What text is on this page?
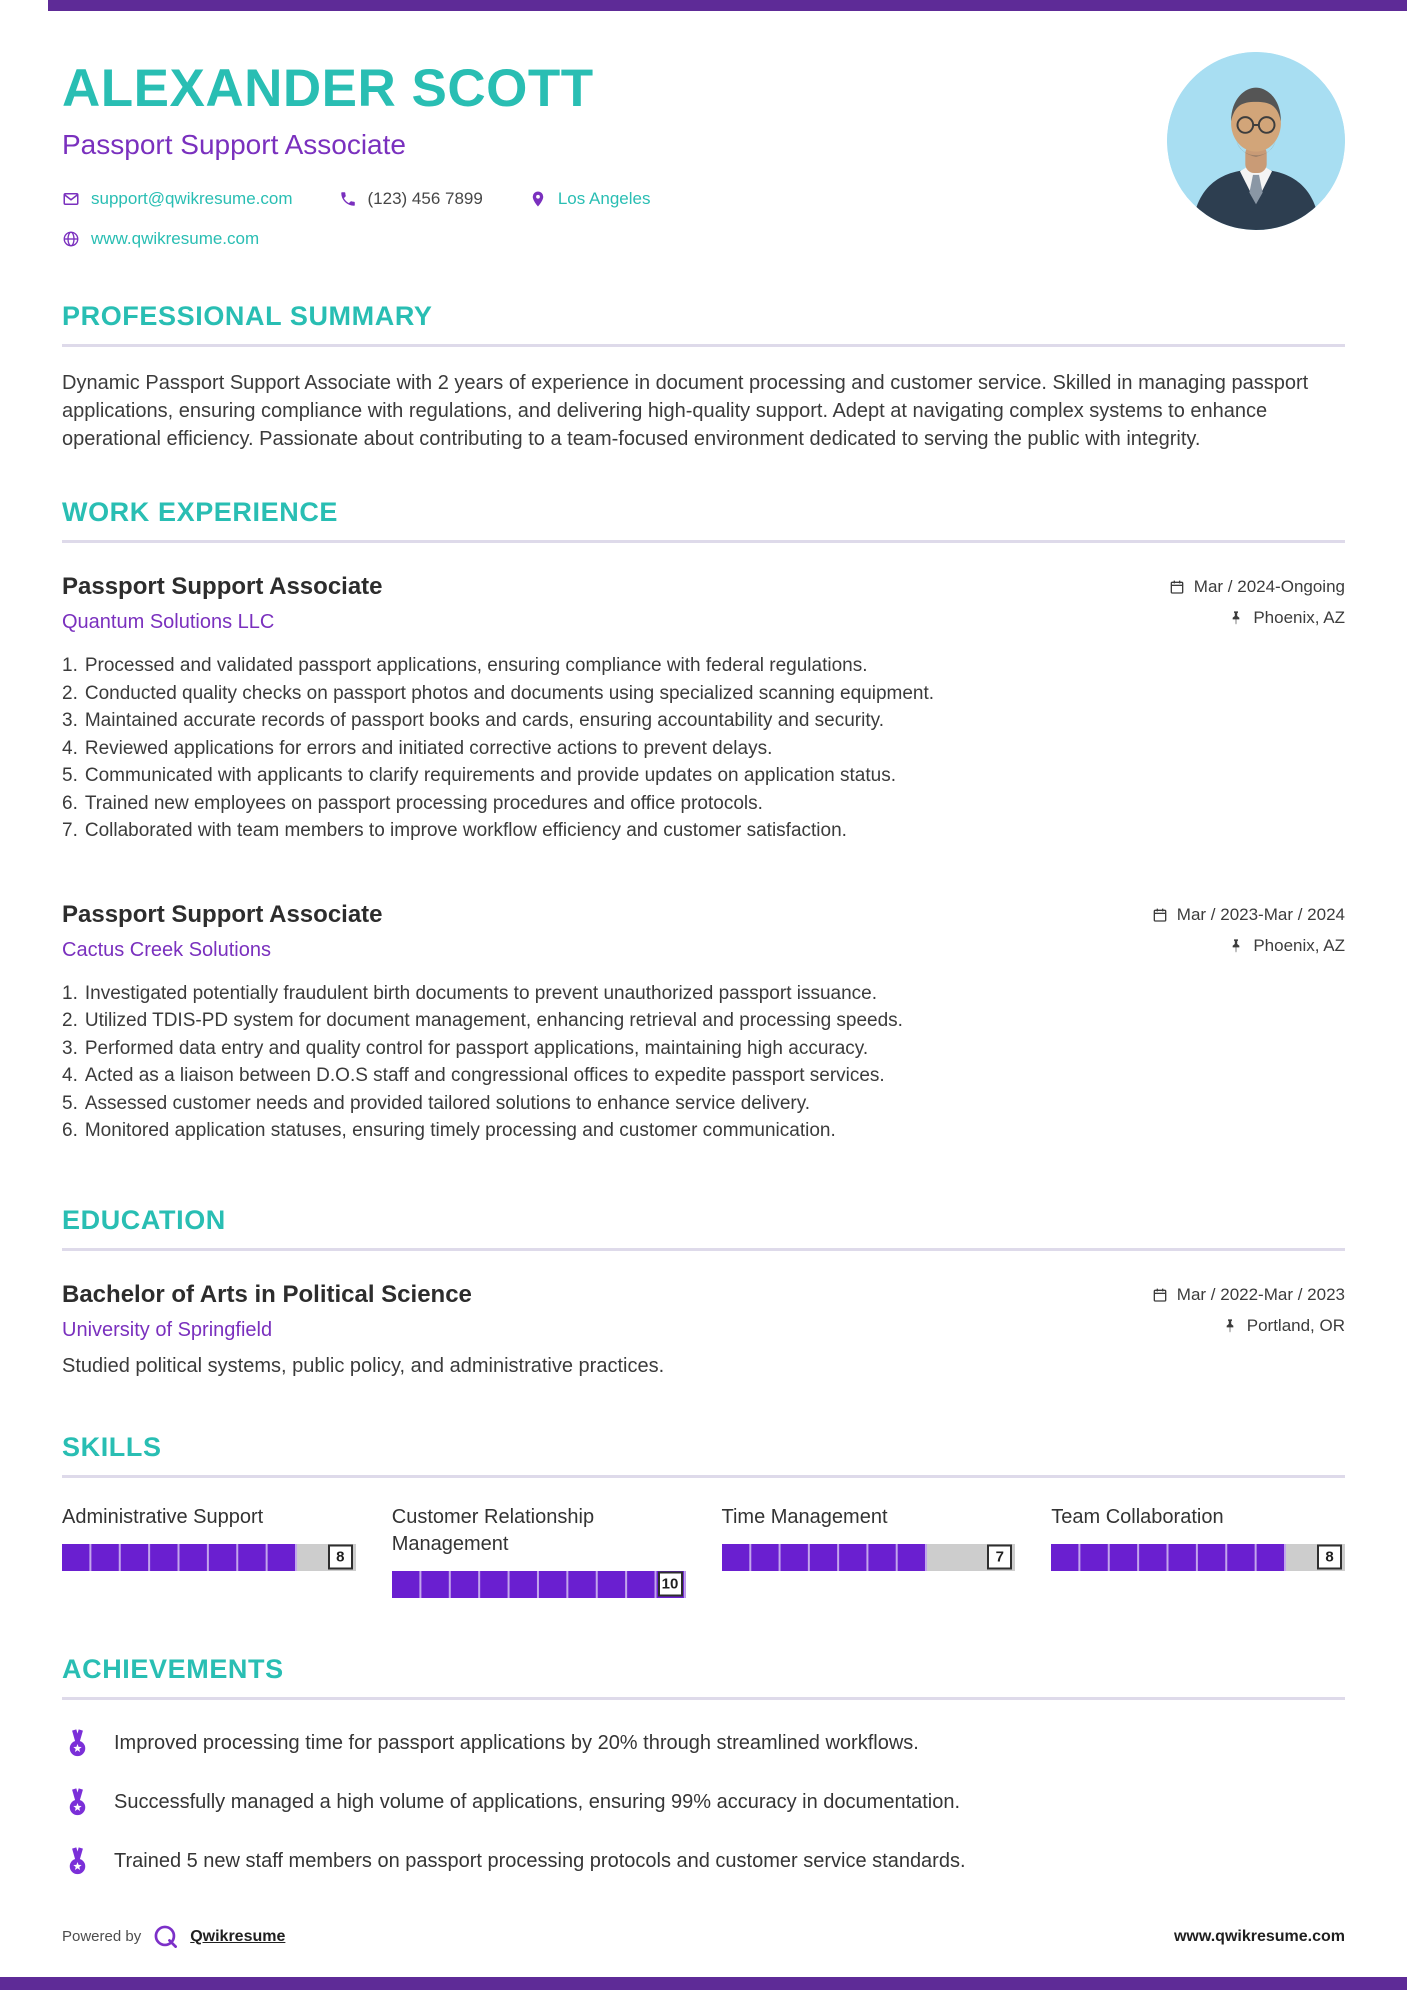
ALEXANDER SCOTT
Passport Support Associate
support@qwikresume.com	(123) 456 7899	Los Angeles
www.qwikresume.com
PROFESSIONAL SUMMARY

Dynamic Passport Support Associate with 2 years of experience in document processing and customer service. Skilled in managing passport applications, ensuring compliance with regulations, and delivering high-quality support. Adept at navigating complex systems to enhance operational efficiency. Passionate about contributing to a team-focused environment dedicated to serving the public with integrity.

WORK EXPERIENCE
Passport Support Associate
Quantum Solutions LLC
Mar / 2024-Ongoing
Phoenix, AZ
Processed and validated passport applications, ensuring compliance with federal regulations.
Conducted quality checks on passport photos and documents using specialized scanning equipment.
Maintained accurate records of passport books and cards, ensuring accountability and security.
Reviewed applications for errors and initiated corrective actions to prevent delays.
Communicated with applicants to clarify requirements and provide updates on application status.
Trained new employees on passport processing procedures and office protocols.
Collaborated with team members to improve workflow efficiency and customer satisfaction.
Passport Support Associate
Cactus Creek Solutions
Mar / 2023-Mar / 2024
Phoenix, AZ
Investigated potentially fraudulent birth documents to prevent unauthorized passport issuance.
Utilized TDIS-PD system for document management, enhancing retrieval and processing speeds.
Performed data entry and quality control for passport applications, maintaining high accuracy.
Acted as a liaison between D.O.S staff and congressional offices to expedite passport services.
Assessed customer needs and provided tailored solutions to enhance service delivery.
Monitored application statuses, ensuring timely processing and customer communication.
EDUCATION
Bachelor of Arts in Political Science
University of Springfield
Mar / 2022-Mar / 2023
Portland, OR

Studied political systems, public policy, and administrative practices.

SKILLS
Administrative Support
8
Customer Relationship Management
10
Time Management
7
Team Collaboration
8
ACHIEVEMENTS
Improved processing time for passport applications by 20% through streamlined workflows.
Successfully managed a high volume of applications, ensuring 99% accuracy in documentation.
Trained 5 new staff members on passport processing protocols and customer service standards.
Powered by	Qwikresume	www.qwikresume.com
